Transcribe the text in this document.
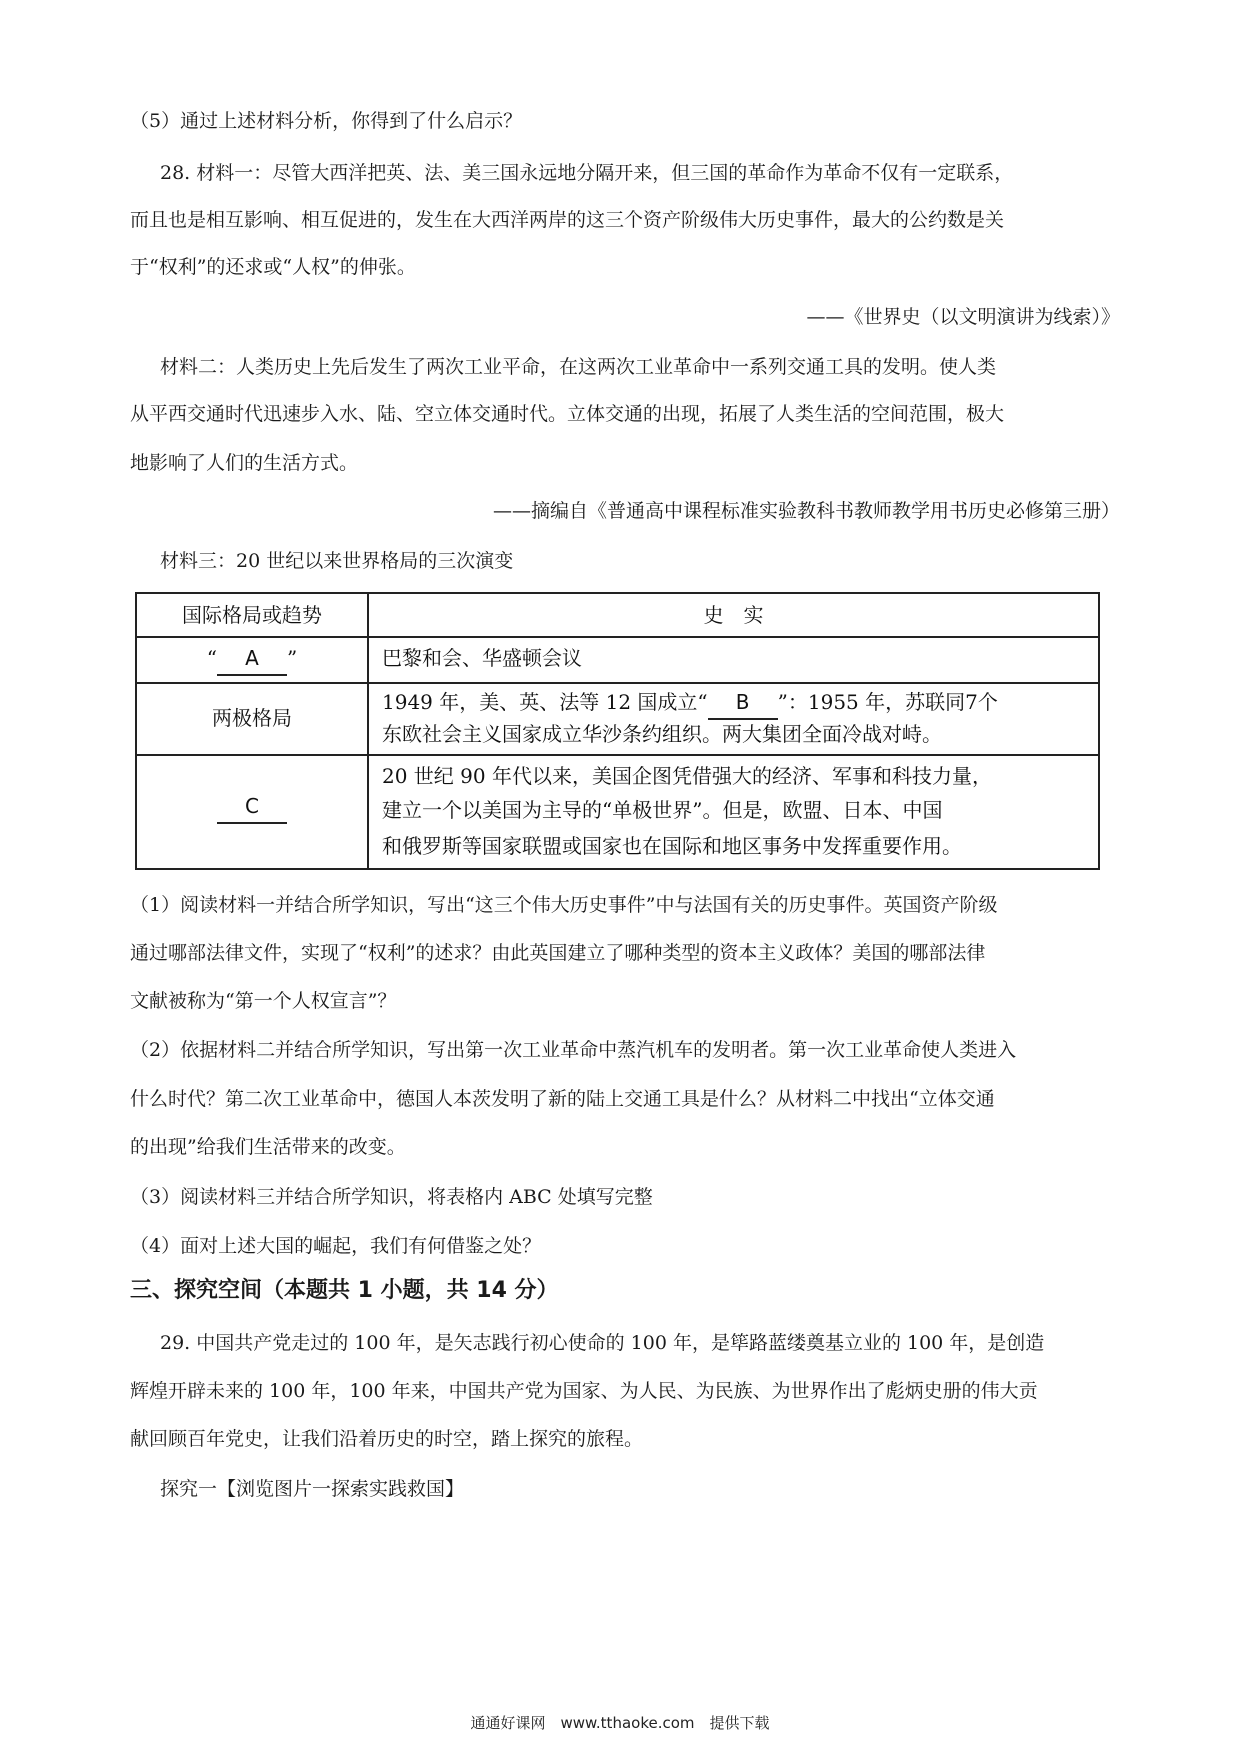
（5）通过上述材料分析，你得到了什么启示？
28. 材料一：尽管大西洋把英、法、美三国永远地分隔开来，但三国的革命作为革命不仅有一定联系，
而且也是相互影响、相互促进的，发生在大西洋两岸的这三个资产阶级伟大历史事件，最大的公约数是关
于“权利”的还求或“人权”的伸张。
——《世界史（以文明演讲为线索）》
材料二：人类历史上先后发生了两次工业平命，在这两次工业革命中一系列交通工具的发明。使人类
从平西交通时代迅速步入水、陆、空立体交通时代。立体交通的出现，拓展了人类生活的空间范围，极大
地影响了人们的生活方式。
——摘编自《普通高中课程标准实验教科书教师教学用书历史必修第三册）
材料三：20 世纪以来世界格局的三次演变
国际格局或趋势	史　实
“ A ”	巴黎和会、华盛顿会议
两极格局
1949 年，美、英、法等 12 国成立“ B ”：1955 年，苏联同7个
东欧社会主义国家成立华沙条约组织。两大集团全面冷战对峙。
C
20 世纪 90 年代以来，美国企图凭借强大的经济、军事和科技力量，
建立一个以美国为主导的“单极世界”。但是，欧盟、日本、中国
和俄罗斯等国家联盟或国家也在国际和地区事务中发挥重要作用。
（1）阅读材料一并结合所学知识，写出“这三个伟大历史事件”中与法国有关的历史事件。英国资产阶级
通过哪部法律文件，实现了“权利”的述求？由此英国建立了哪种类型的资本主义政体？美国的哪部法律
文献被称为“第一个人权宣言”？
（2）依据材料二并结合所学知识，写出第一次工业革命中蒸汽机车的发明者。第一次工业革命使人类进入
什么时代？第二次工业革命中，德国人本茨发明了新的陆上交通工具是什么？从材料二中找出“立体交通
的出现”给我们生活带来的改变。
（3）阅读材料三并结合所学知识，将表格内 ABC 处填写完整
（4）面对上述大国的崛起，我们有何借鉴之处？
三、探究空间（本题共 1 小题，共 14 分）
29. 中国共产党走过的 100 年，是矢志践行初心使命的 100 年，是筚路蓝缕奠基立业的 100 年，是创造
辉煌开辟未来的 100 年，100 年来，中国共产党为国家、为人民、为民族、为世界作出了彪炳史册的伟大贡
献回顾百年党史，让我们沿着历史的时空，踏上探究的旅程。
探究一【浏览图片一探索实践救国】
通通好课网　www.tthaoke.com　提供下载
